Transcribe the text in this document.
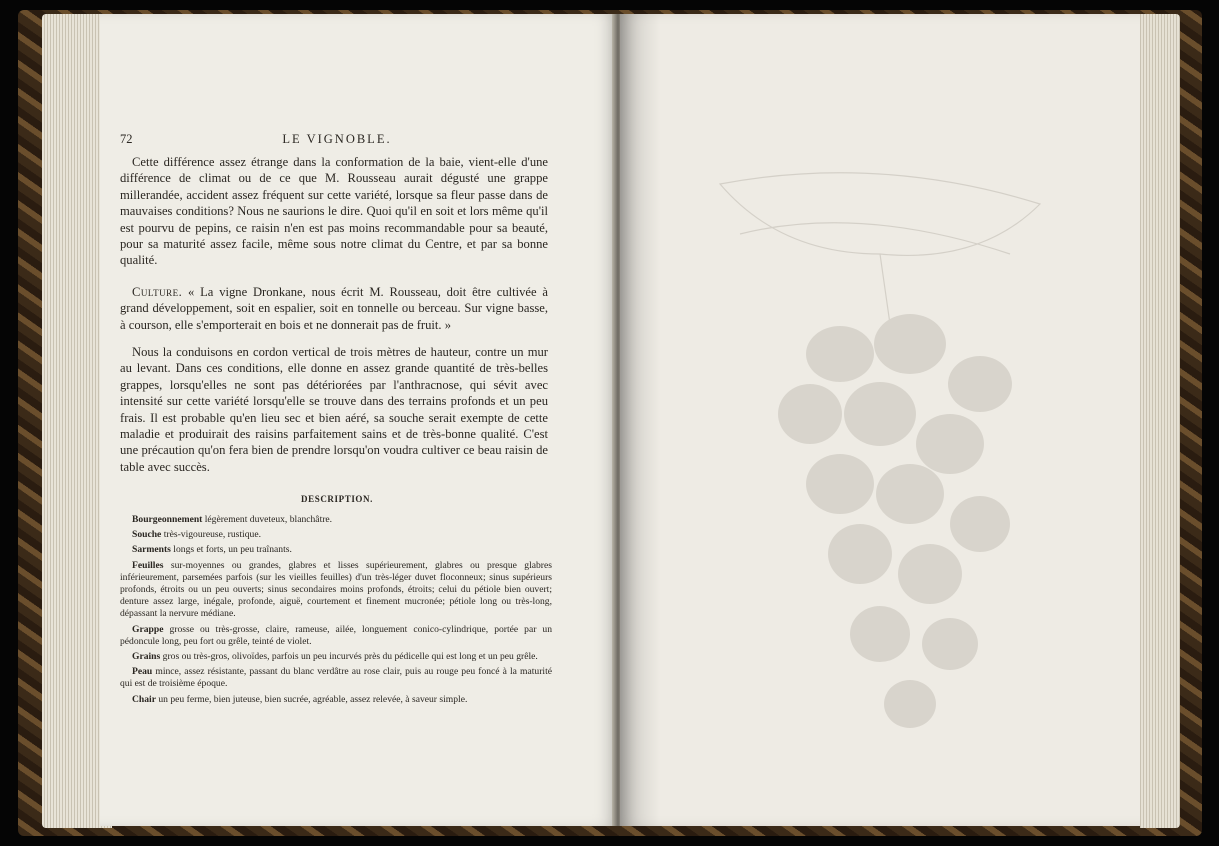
72	LE VIGNOBLE.

Cette différence assez étrange dans la conformation de la baie, vient-elle d'une différence de climat ou de ce que M. Rousseau aurait dégusté une grappe millerandée, accident assez fréquent sur cette variété, lorsque sa fleur passe dans de mauvaises conditions? Nous ne saurions le dire. Quoi qu'il en soit et lors même qu'il est pourvu de pepins, ce raisin n'en est pas moins recommandable pour sa beauté, pour sa maturité assez facile, même sous notre climat du Centre, et par sa bonne qualité.

Culture. « La vigne Dronkane, nous écrit M. Rousseau, doit être cultivée à grand développement, soit en espalier, soit en tonnelle ou berceau. Sur vigne basse, à courson, elle s'emporterait en bois et ne donnerait pas de fruit. »

Nous la conduisons en cordon vertical de trois mètres de hauteur, contre un mur au levant. Dans ces conditions, elle donne en assez grande quantité de très-belles grappes, lorsqu'elles ne sont pas détériorées par l'anthracnose, qui sévit avec intensité sur cette variété lorsqu'elle se trouve dans des terrains profonds et un peu frais. Il est probable qu'en lieu sec et bien aéré, sa souche serait exempte de cette maladie et produirait des raisins parfaitement sains et de très-bonne qualité. C'est une précaution qu'on fera bien de prendre lorsqu'on voudra cultiver ce beau raisin de table avec succès.

DESCRIPTION.

Bourgeonnement légèrement duveteux, blanchâtre.

Souche très-vigoureuse, rustique.

Sarments longs et forts, un peu traînants.

Feuilles sur-moyennes ou grandes, glabres et lisses supérieurement, glabres ou presque glabres inférieurement, parsemées parfois (sur les vieilles feuilles) d'un très-léger duvet floconneux; sinus supérieurs profonds, étroits ou un peu ouverts; sinus secondaires moins profonds, étroits; celui du pétiole bien ouvert; denture assez large, inégale, profonde, aiguë, courtement et finement mucronée; pétiole long ou très-long, dépassant la nervure médiane.

Grappe grosse ou très-grosse, claire, rameuse, ailée, longuement conico-cylindrique, portée par un pédoncule long, peu fort ou grêle, teinté de violet.

Grains gros ou très-gros, olivoïdes, parfois un peu incurvés près du pédicelle qui est long et un peu grêle.

Peau mince, assez résistante, passant du blanc verdâtre au rose clair, puis au rouge peu foncé à la maturité qui est de troisième époque.

Chair un peu ferme, bien juteuse, bien sucrée, agréable, assez relevée, à saveur simple.
